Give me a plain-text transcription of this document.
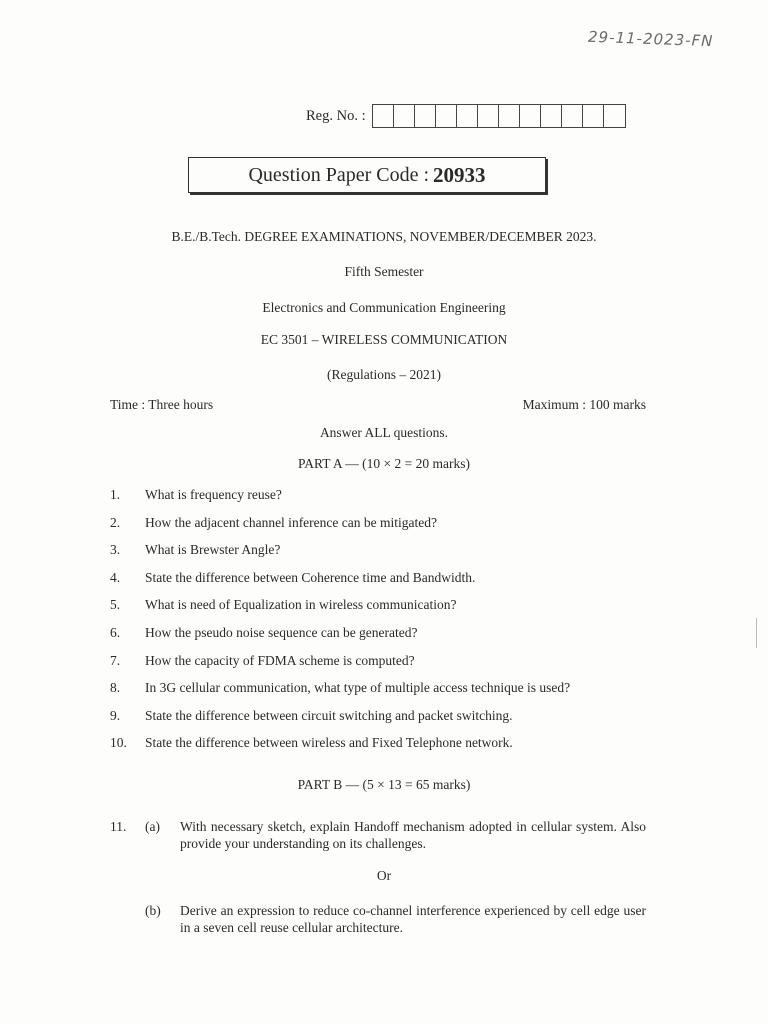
29-11-2023-FN
Reg. No. :
Question Paper Code : 20933
B.E./B.Tech. DEGREE EXAMINATIONS, NOVEMBER/DECEMBER 2023.
Fifth Semester
Electronics and Communication Engineering
EC 3501 – WIRELESS COMMUNICATION
(Regulations – 2021)
Time : Three hours	Maximum : 100 marks
Answer ALL questions.
PART A — (10 × 2 = 20 marks)
1.	What is frequency reuse?
2.	How the adjacent channel inference can be mitigated?
3.	What is Brewster Angle?
4.	State the difference between Coherence time and Bandwidth.
5.	What is need of Equalization in wireless communication?
6.	How the pseudo noise sequence can be generated?
7.	How the capacity of FDMA scheme is computed?
8.	In 3G cellular communication, what type of multiple access technique is used?
9.	State the difference between circuit switching and packet switching.
10.	State the difference between wireless and Fixed Telephone network.
PART B — (5 × 13 = 65 marks)
11.	(a)	With necessary sketch, explain Handoff mechanism adopted in cellular system. Also provide your understanding on its challenges.
Or
(b)	Derive an expression to reduce co-channel interference experienced by cell edge user in a seven cell reuse cellular architecture.
